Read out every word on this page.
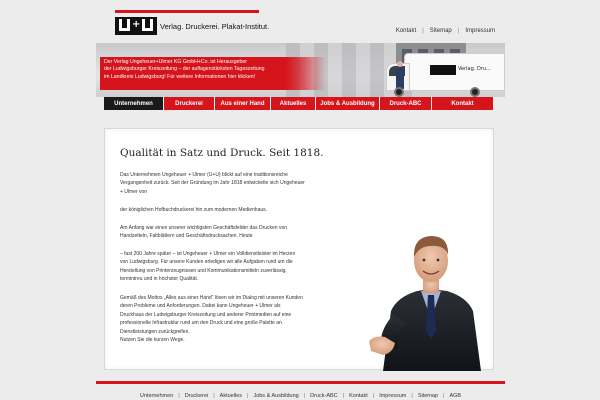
+	Verlag. Druckerei. Plakat-Institut.
Kontakt | Sitemap | Impressum
Verlag. Dru...
Der Verlag Ungeheuer+Ulmer KG GmbH+Co. ist Herausgeber
der Ludwigsburger Kreiszeitung – der auflagenstärksten Tageszeitung
im Landkreis Ludwigsburg! Für weitere Informationen hier klicken!
Unternehmen	Druckerei	Aus einer Hand	Aktuelles	Jobs & Ausbildung	Druck-ABC	Kontakt
Qualität in Satz und Druck. Seit 1818.
Das Unternehmen Ungeheuer + Ulmer (U+U) blickt auf eine traditionsreiche
Vergangenheit zurück. Seit der Gründung im Jahr 1818 entwickelte sich Ungeheuer
+ Ulmer von
der königlichen Hofbuchdruckerei hin zum modernen Medienhaus.
Am Anfang war eines unserer wichtigsten Geschäftsfelder das Drucken von
Handzetteln, Faltblättern und Geschäftsdrucksachen. Heute
– fast 200 Jahre später – ist Ungeheuer + Ulmer ein Volldienstleister im Herzen
von Ludwigsburg. Für unsere Kunden erledigen wir alle Aufgaben rund um die
Herstellung von Printerzeugnissen und Kommunikationsmitteln zuverlässig,
termintreu und in höchster Qualität.
Gemäß des Mottos „Alles aus einer Hand“ lösen wir im Dialog mit unseren Kunden
deren Probleme und Anforderungen. Dabei kann Ungeheuer + Ulmer als
Druckhaus der Ludwigsburger Kreiszeitung und anderer Printmedien auf eine
professionelle Infrastruktur rund um den Druck und eine große Palette an
Dienstleistungen zurückgreifen.
Nutzen Sie die kurzen Wege.
Unternehmen | Druckerei | Aktuelles | Jobs & Ausbildung | Druck-ABC | Kontakt | Impressum | Sitemap | AGB
